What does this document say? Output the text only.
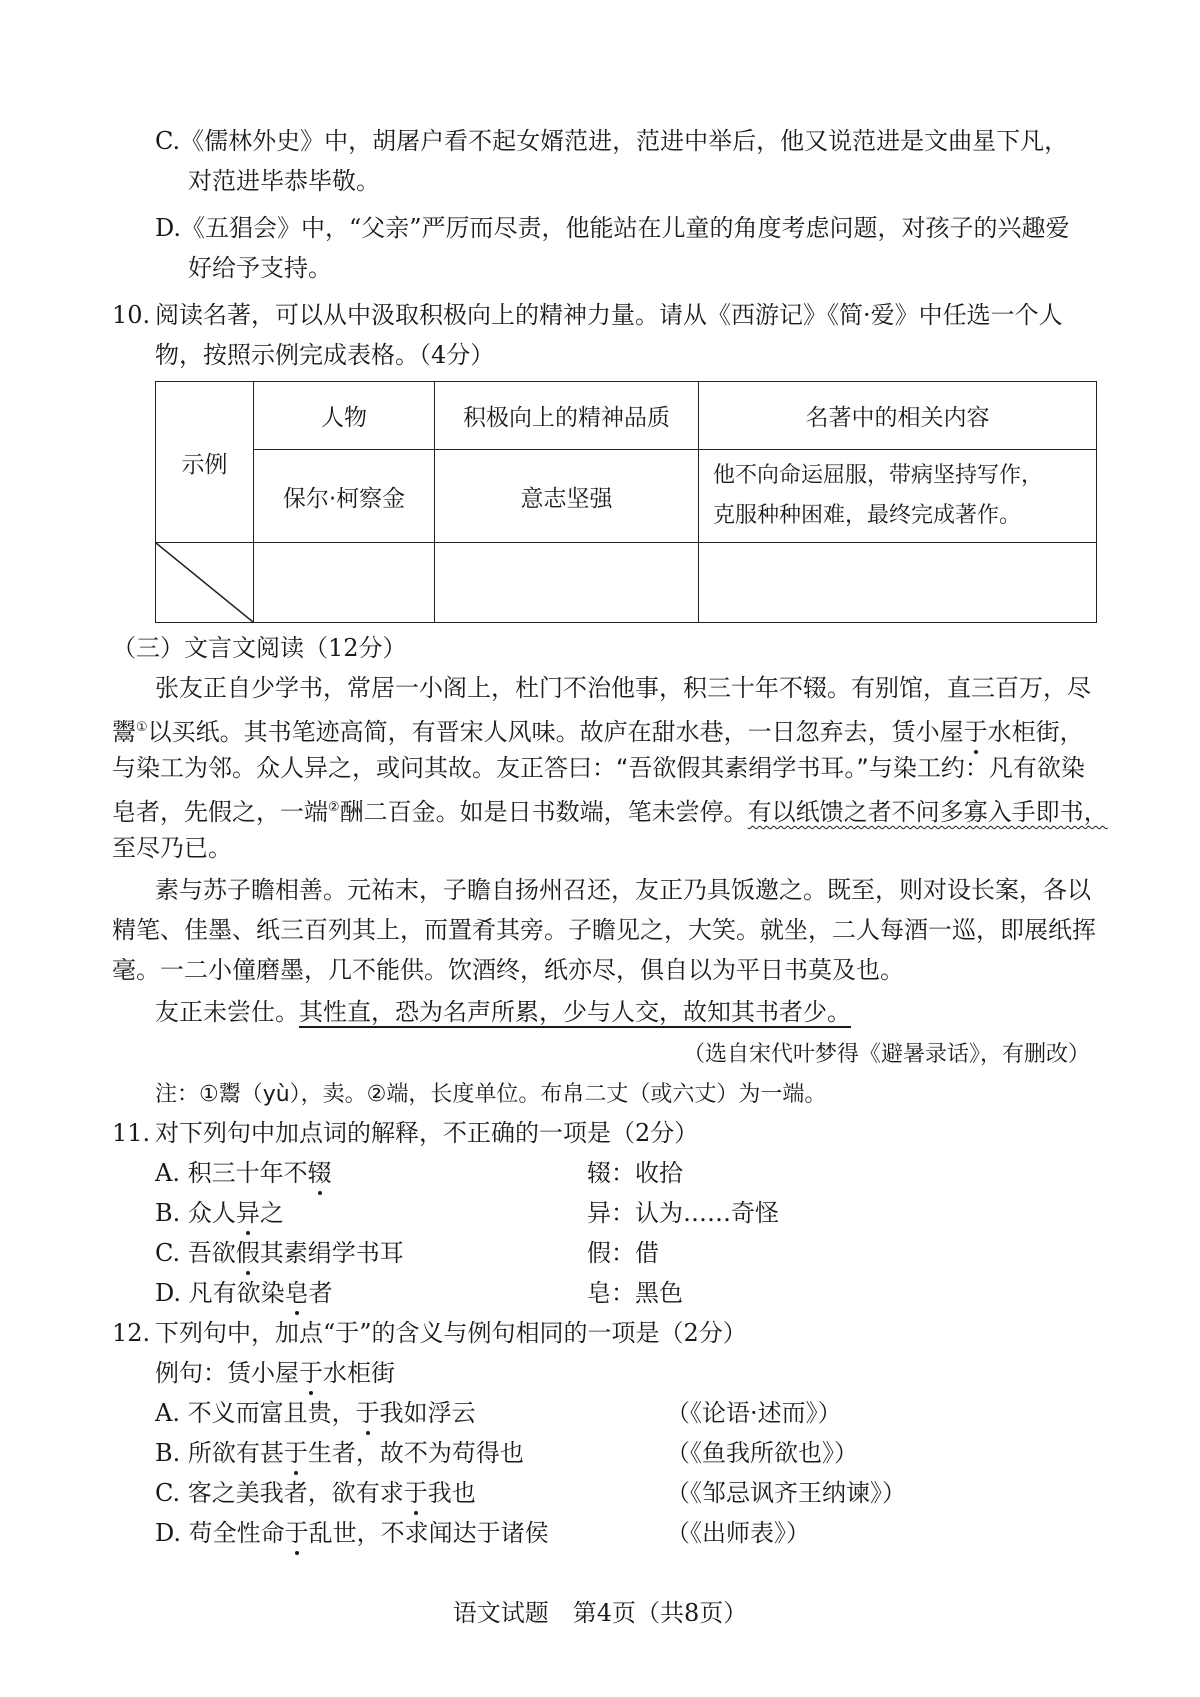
C.《儒林外史》中，胡屠户看不起女婿范进，范进中举后，他又说范进是文曲星下凡，
对范进毕恭毕敬。
D.《五猖会》中，“父亲”严厉而尽责，他能站在儿童的角度考虑问题，对孩子的兴趣爱
好给予支持。
10. 阅读名著，可以从中汲取积极向上的精神力量。请从《西游记》《简·爱》中任选一个人
物，按照示例完成表格。（4分）
示例	人物	积极向上的精神品质	名著中的相关内容
	保尔·柯察金	意志坚强	他不向命运屈服，带病坚持写作，
克服种种困难，最终完成著作。

（三）文言文阅读（12分）
张友正自少学书，常居一小阁上，杜门不治他事，积三十年不辍。有别馆，直三百万，尽
鬻①以买纸。其书笔迹高简，有晋宋人风味。故庐在甜水巷，一日忽弃去，赁小屋于水柜街，
与染工为邻。众人异之，或问其故。友正答曰：“吾欲假其素绢学书耳。”与染工约：凡有欲染
皂者，先假之，一端②酬二百金。如是日书数端，笔未尝停。有以纸馈之者不问多寡入手即书，
至尽乃已。
素与苏子瞻相善。元祐末，子瞻自扬州召还，友正乃具饭邀之。既至，则对设长案，各以
精笔、佳墨、纸三百列其上，而置肴其旁。子瞻见之，大笑。就坐，二人每酒一巡，即展纸挥
毫。一二小僮磨墨，几不能供。饮酒终，纸亦尽，俱自以为平日书莫及也。
友正未尝仕。其性直，恐为名声所累，少与人交，故知其书者少。
（选自宋代叶梦得《避暑录话》，有删改）
注：①鬻（yù），卖。②端，长度单位。布帛二丈（或六丈）为一端。
11. 对下列句中加点词的解释，不正确的一项是（2分）
A. 积三十年不辍	辍：收拾
B. 众人异之	异：认为……奇怪
C. 吾欲假其素绢学书耳	假：借
D. 凡有欲染皂者	皂：黑色
12. 下列句中，加点“于”的含义与例句相同的一项是（2分）
例句：赁小屋于水柜街
A. 不义而富且贵，于我如浮云	（《论语·述而》）
B. 所欲有甚于生者，故不为苟得也	（《鱼我所欲也》）
C. 客之美我者，欲有求于我也	（《邹忌讽齐王纳谏》）
D. 苟全性命于乱世，不求闻达于诸侯	（《出师表》）
语文试题　第4页（共8页）
